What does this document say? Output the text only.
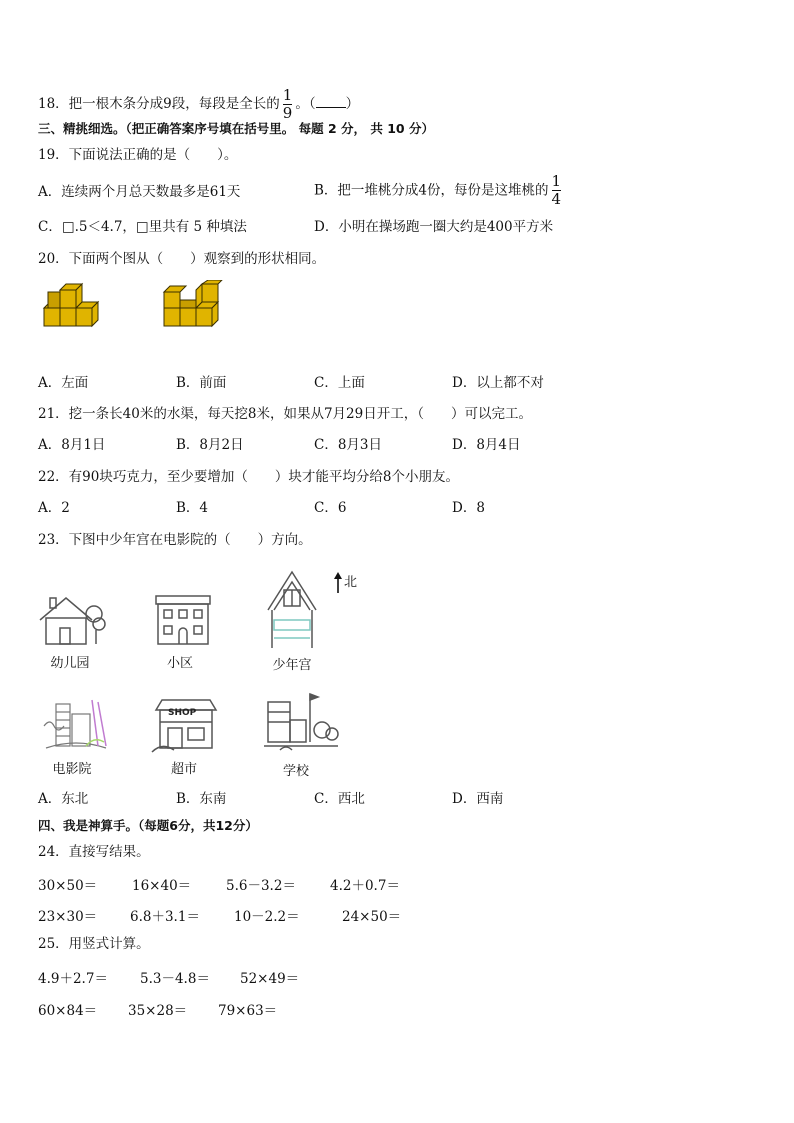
18．把一根木条分成9段，每段是全长的 $\frac{1}{9}$ 。（ ）
三、精挑细选。（把正确答案序号填在括号里。 每题 2 分， 共 10 分）
19．下面说法正确的是（　　）。
A．连续两个月总天数最多是61天	B．把一堆桃分成4份，每份是这堆桃的 $\frac{1}{4}$
C．□.5＜4.7，□里共有 5 种填法	D．小明在操场跑一圈大约是400平方米
20．下面两个图从（　　）观察到的形状相同。
A．左面	B．前面	C．上面	D．以上都不对
21．挖一条长40米的水渠，每天挖8米，如果从7月29日开工，（　　）可以完工。
A．8月1日	B．8月2日	C．8月3日	D．8月4日
22．有90块巧克力，至少要增加（　　）块才能平均分给8个小朋友。
A．2	B．4	C．6	D．8
23．下图中少年宫在电影院的（　　）方向。
北
幼儿园	小区	少年宫
电影院
SHOP
超市	学校
A．东北	B．东南	C．西北	D．西南
四、我是神算手。（每题6分，共12分）
24．直接写结果。
30×50＝	16×40＝	5.6－3.2＝	4.2＋0.7＝
23×30＝ 6.8＋3.1＝	10－2.2＝	24×50＝
25．用竖式计算。
4.9＋2.7＝ 5.3－4.8＝ 52×49＝
60×84＝ 35×28＝ 79×63＝
